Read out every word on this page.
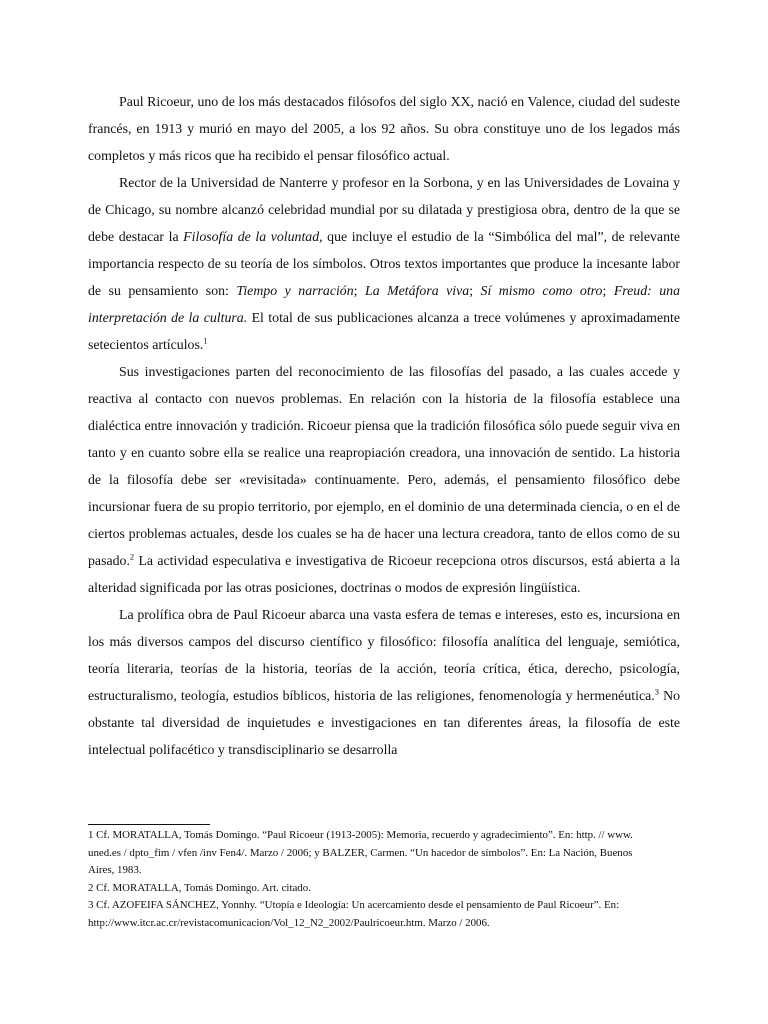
Paul Ricoeur, uno de los más destacados filósofos del siglo XX, nació en Valence, ciudad del sudeste francés, en 1913 y murió en mayo del 2005, a los 92 años. Su obra constituye uno de los legados más completos y más ricos que ha recibido el pensar filosófico actual.

Rector de la Universidad de Nanterre y profesor en la Sorbona, y en las Universidades de Lovaina y de Chicago, su nombre alcanzó celebridad mundial por su dilatada y prestigiosa obra, dentro de la que se debe destacar la Filosofía de la voluntad, que incluye el estudio de la “Simbólica del mal”, de relevante importancia respecto de su teoría de los símbolos. Otros textos importantes que produce la incesante labor de su pensamiento son: Tiempo y narración; La Metáfora viva; Sí mismo como otro; Freud: una interpretación de la cultura. El total de sus publicaciones alcanza a trece volúmenes y aproximadamente setecientos artículos.$^1$

Sus investigaciones parten del reconocimiento de las filosofías del pasado, a las cuales accede y reactiva al contacto con nuevos problemas. En relación con la historia de la filosofía establece una dialéctica entre innovación y tradición. Ricoeur piensa que la tradición filosófica sólo puede seguir viva en tanto y en cuanto sobre ella se realice una reapropiación creadora, una innovación de sentido. La historia de la filosofía debe ser «revisitada» continuamente. Pero, además, el pensamiento filosófico debe incursionar fuera de su propio territorio, por ejemplo, en el dominio de una determinada ciencia, o en el de ciertos problemas actuales, desde los cuales se ha de hacer una lectura creadora, tanto de ellos como de su pasado.$^2$ La actividad especulativa e investigativa de Ricoeur recepciona otros discursos, está abierta a la alteridad significada por las otras posiciones, doctrinas o modos de expresión lingüística.

La prolífica obra de Paul Ricoeur abarca una vasta esfera de temas e intereses, esto es, incursiona en los más diversos campos del discurso científico y filosófico: filosofía analítica del lenguaje, semiótica, teoría literaria, teorías de la historia, teorías de la acción, teoría crítica, ética, derecho, psicología, estructuralismo, teología, estudios bíblicos, historia de las religiones, fenomenología y hermenéutica.$^3$ No obstante tal diversidad de inquietudes e investigaciones en tan diferentes áreas, la filosofía de este intelectual polifacético y transdisciplinario se desarrolla

1 Cf. MORATALLA, Tomás Domingo. “Paul Ricoeur (1913-2005): Memoria, recuerdo y agradecimiento”. En: http. // www. uned.es / dpto_fim / vfen /inv Fen4/. Marzo / 2006; y BALZER, Carmen. “Un hacedor de símbolos”. En: La Nación, Buenos Aires, 1983.

2 Cf. MORATALLA, Tomás Domingo. Art. citado.

3 Cf. AZOFEIFA SÁNCHEZ, Yonnhy. “Utopía e Ideología: Un acercamiento desde el pensamiento de Paul Ricoeur”. En: http://www.itcr.ac.cr/revistacomunicacion/Vol_12_N2_2002/Paulricoeur.htm. Marzo / 2006.
